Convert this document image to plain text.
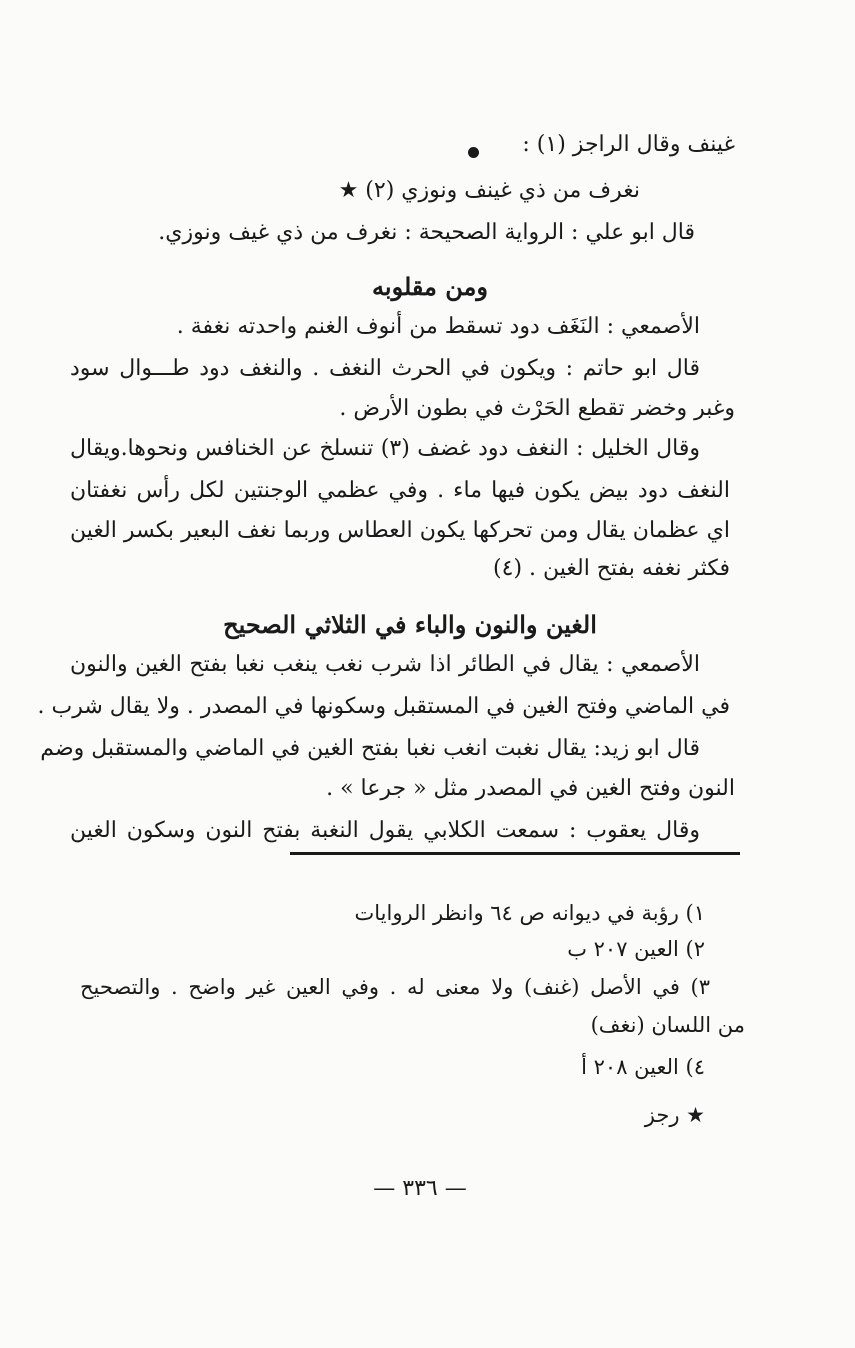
غينف وقال الراجز (١) :
نغرف من ذي غينف ونوزي (٢) ★
قال ابو علي : الرواية الصحيحة : نغرف من ذي غيف ونوزي.
ومن مقلوبه
الأصمعي : النَغَف دود تسقط من أنوف الغنم واحدته نغفة .
قال ابو حاتم : ويكون في الحرث النغف . والنغف دود طـــوال سود
وغبر وخضر تقطع الحَرْث في بطون الأرض .
وقال الخليل : النغف دود غضف (٣) تنسلخ عن الخنافس ونحوها.ويقال
النغف دود بيض يكون فيها ماء . وفي عظمي الوجنتين لكل رأس نغفتان
اي عظمان يقال ومن تحركها يكون العطاس وربما نغف البعير بكسر الغين
فكثر نغفه بفتح الغين . (٤)
الغين والنون والباء في الثلاثي الصحيح
الأصمعي : يقال في الطائر اذا شرب نغب ينغب نغبا بفتح الغين والنون
في الماضي وفتح الغين في المستقبل وسكونها في المصدر . ولا يقال شرب .
قال ابو زيد: يقال نغبت انغب نغبا بفتح الغين في الماضي والمستقبل وضم
النون وفتح الغين في المصدر مثل « جرعا » .
وقال يعقوب : سمعت الكلابي يقول النغبة بفتح النون وسكون الغين
١) رؤبة في ديوانه ص ٦٤ وانظر الروايات
٢) العين ٢٠٧ ب
٣) في الأصل (غنف) ولا معنى له . وفي العين غير واضح . والتصحيح
من اللسان (نغف)
٤) العين ٢٠٨ أ
★ رجز
— ٣٣٦ —
